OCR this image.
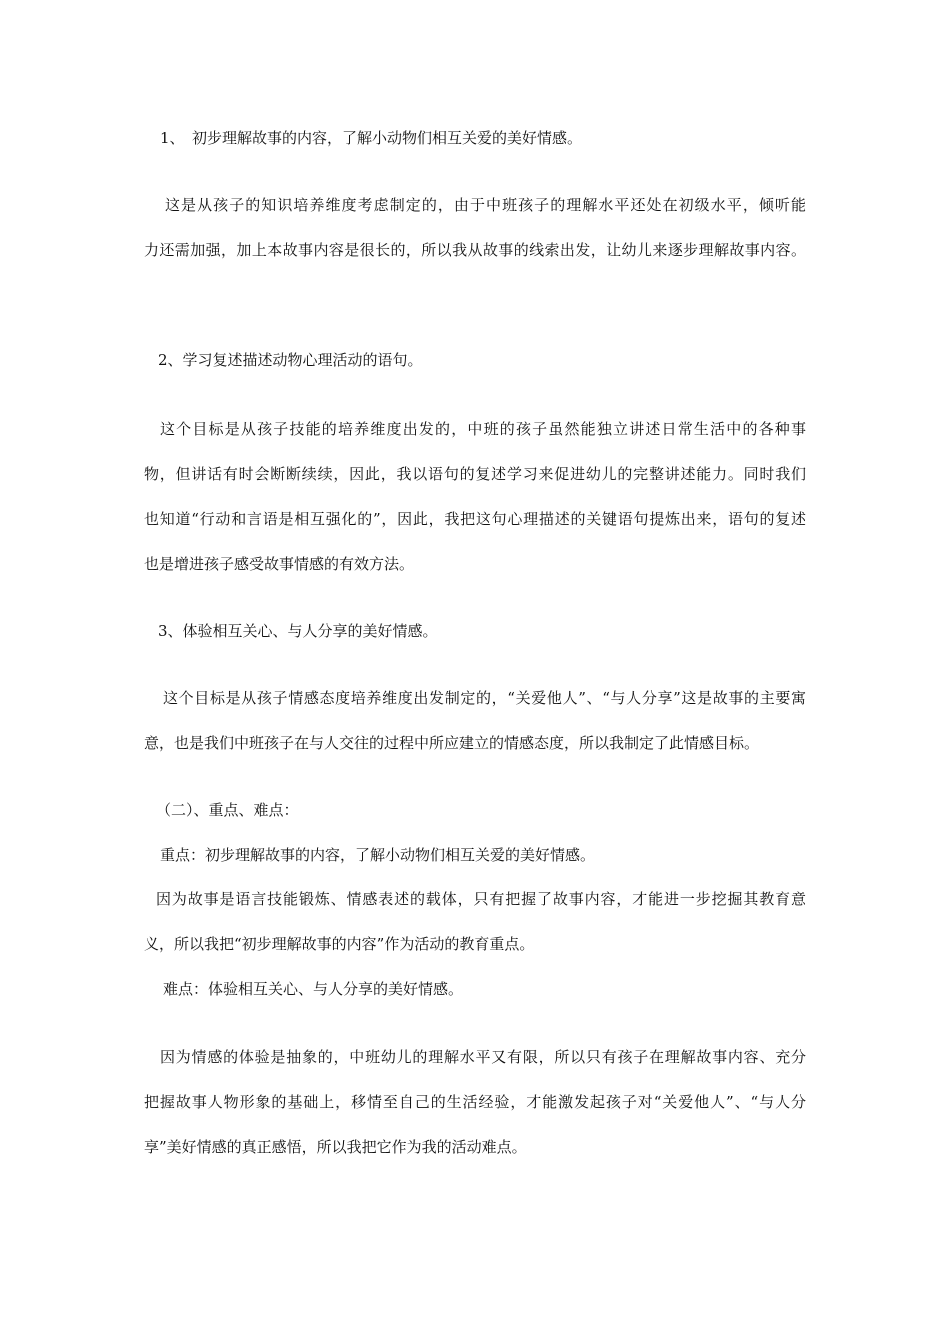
1、　初步理解故事的内容，了解小动物们相互关爱的美好情感。
这是从孩子的知识培养维度考虑制定的，由于中班孩子的理解水平还处在初级水平，倾听能
力还需加强，加上本故事内容是很长的，所以我从故事的线索出发，让幼儿来逐步理解故事内容。
2、学习复述描述动物心理活动的语句。
这个目标是从孩子技能的培养维度出发的，中班的孩子虽然能独立讲述日常生活中的各种事
物，但讲话有时会断断续续，因此，我以语句的复述学习来促进幼儿的完整讲述能力。同时我们
也知道“行动和言语是相互强化的”，因此，我把这句心理描述的关键语句提炼出来，语句的复述
也是增进孩子感受故事情感的有效方法。
3、体验相互关心、与人分享的美好情感。
这个目标是从孩子情感态度培养维度出发制定的，“关爱他人”、“与人分享”这是故事的主要寓
意，也是我们中班孩子在与人交往的过程中所应建立的情感态度，所以我制定了此情感目标。
（二）、重点、难点：
重点：初步理解故事的内容，了解小动物们相互关爱的美好情感。
因为故事是语言技能锻炼、情感表述的载体，只有把握了故事内容，才能进一步挖掘其教育意
义，所以我把“初步理解故事的内容”作为活动的教育重点。
难点：体验相互关心、与人分享的美好情感。
因为情感的体验是抽象的，中班幼儿的理解水平又有限，所以只有孩子在理解故事内容、充分
把握故事人物形象的基础上，移情至自己的生活经验，才能激发起孩子对“关爱他人”、“与人分
享”美好情感的真正感悟，所以我把它作为我的活动难点。
